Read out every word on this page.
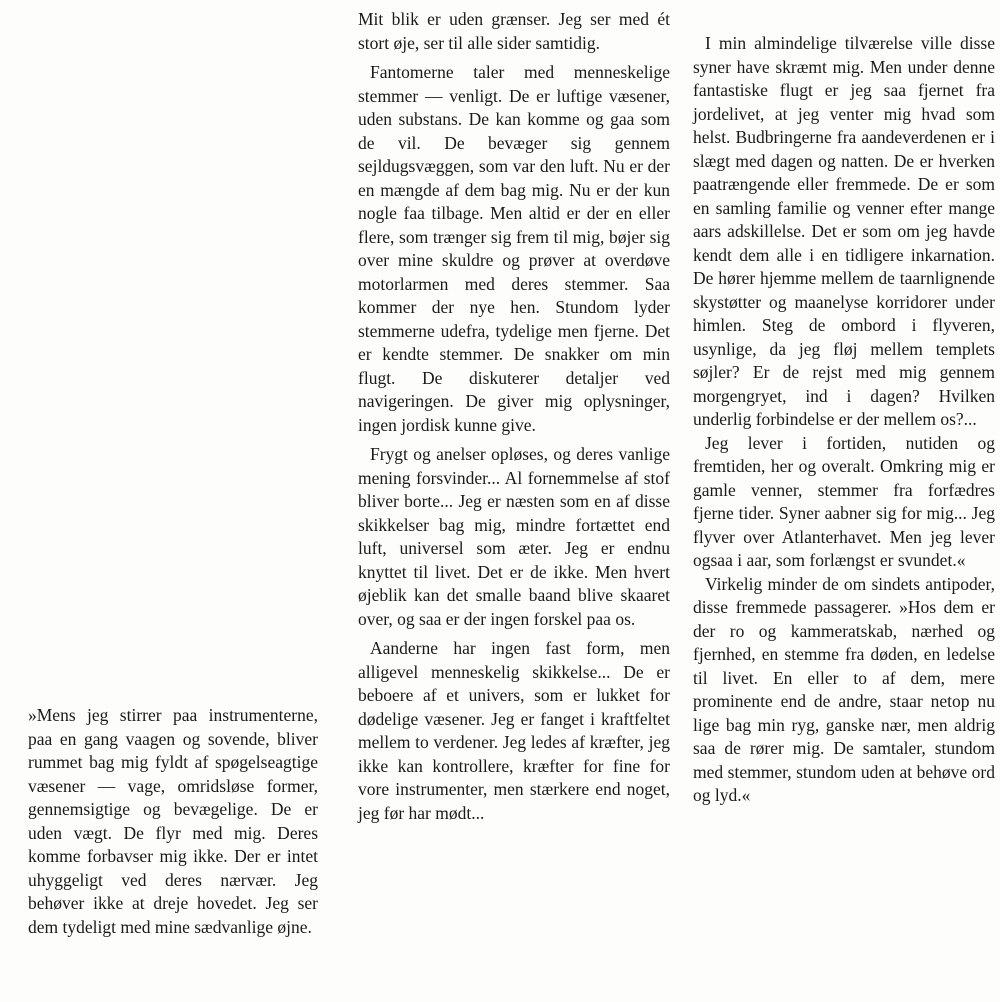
»Mens jeg stirrer paa instrumenterne, paa en gang vaagen og sovende, bliver rummet bag mig fyldt af spøgelseagtige væsener — vage, omridsløse former, gennemsigtige og bevægelige. De er uden vægt. De flyr med mig. Deres komme forbavser mig ikke. Der er intet uhyggeligt ved deres nærvær. Jeg behøver ikke at dreje hovedet. Jeg ser dem tydeligt med mine sædvanlige øjne.

Mit blik er uden grænser. Jeg ser med ét stort øje, ser til alle sider samtidig.

Fantomerne taler med menneskelige stemmer — venligt. De er luftige væsener, uden substans. De kan komme og gaa som de vil. De bevæger sig gennem sejldugsvæggen, som var den luft. Nu er der en mængde af dem bag mig. Nu er der kun nogle faa tilbage. Men altid er der en eller flere, som trænger sig frem til mig, bøjer sig over mine skuldre og prøver at overdøve motorlarmen med deres stemmer. Saa kommer der nye hen. Stundom lyder stemmerne udefra, tydelige men fjerne. Det er kendte stemmer. De snakker om min flugt. De diskuterer detaljer ved navigeringen. De giver mig oplysninger, ingen jordisk kunne give.

Frygt og anelser opløses, og deres vanlige mening forsvinder... Al fornemmelse af stof bliver borte... Jeg er næsten som en af disse skikkelser bag mig, mindre fortættet end luft, universel som æter. Jeg er endnu knyttet til livet. Det er de ikke. Men hvert øjeblik kan det smalle baand blive skaaret over, og saa er der ingen forskel paa os.

Aanderne har ingen fast form, men alligevel menneskelig skikkelse... De er beboere af et univers, som er lukket for dødelige væsener. Jeg er fanget i kraftfeltet mellem to verdener. Jeg ledes af kræfter, jeg ikke kan kontrollere, kræfter for fine for vore instrumenter, men stærkere end noget, jeg før har mødt...

I min almindelige tilværelse ville disse syner have skræmt mig. Men under denne fantastiske flugt er jeg saa fjernet fra jordelivet, at jeg venter mig hvad som helst. Budbringerne fra aandeverdenen er i slægt med dagen og natten. De er hverken paatrængende eller fremmede. De er som en samling familie og venner efter mange aars adskillelse. Det er som om jeg havde kendt dem alle i en tidligere inkarnation. De hører hjemme mellem de taarnlignende skystøtter og maanelyse korridorer under himlen. Steg de ombord i flyveren, usynlige, da jeg fløj mellem templets søjler? Er de rejst med mig gennem morgengryet, ind i dagen? Hvilken underlig forbindelse er der mellem os?...

Jeg lever i fortiden, nutiden og fremtiden, her og overalt. Omkring mig er gamle venner, stemmer fra forfædres fjerne tider. Syner aabner sig for mig... Jeg flyver over Atlanterhavet. Men jeg lever ogsaa i aar, som forlængst er svundet.«

Virkelig minder de om sindets antipoder, disse fremmede passagerer. »Hos dem er der ro og kammeratskab, nærhed og fjernhed, en stemme fra døden, en ledelse til livet. En eller to af dem, mere prominente end de andre, staar netop nu lige bag min ryg, ganske nær, men aldrig saa de rører mig. De samtaler, stundom med stemmer, stundom uden at behøve ord og lyd.«
